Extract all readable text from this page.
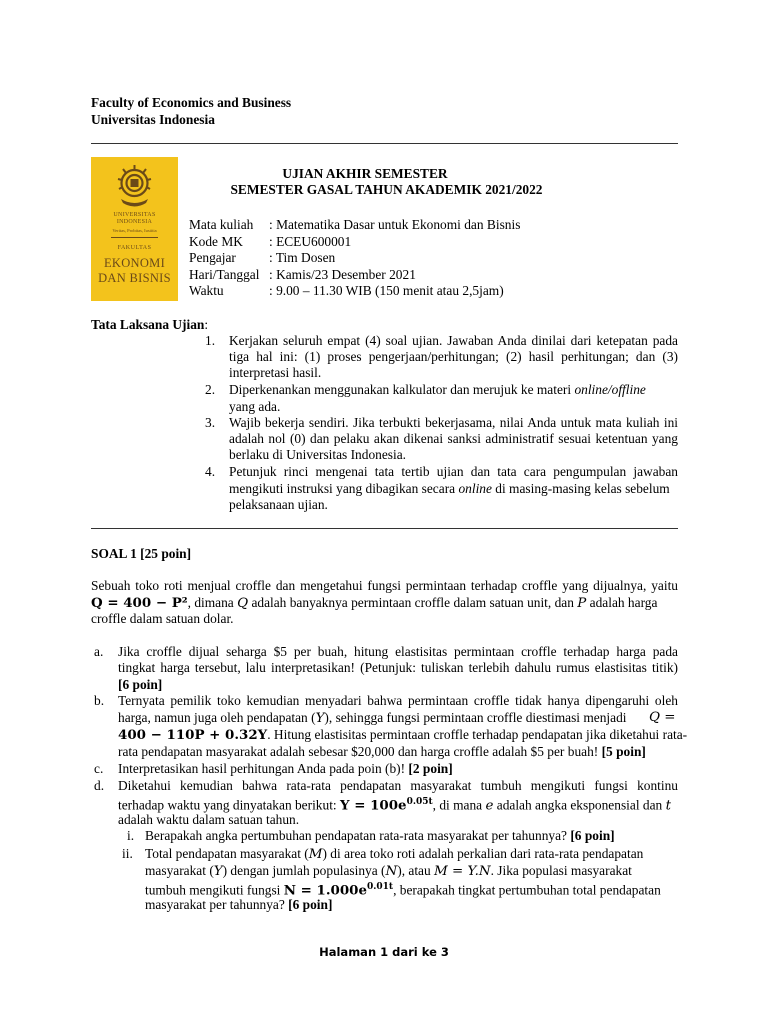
Faculty of Economics and Business
Universitas Indonesia
UNIVERSITAS
INDONESIA
Veritas, Probitas, Iustitia
FAKULTAS
EKONOMI
DAN BISNIS
UJIAN AKHIR SEMESTER
SEMESTER GASAL TAHUN AKADEMIK 2021/2022
Mata kuliah : Matematika Dasar untuk Ekonomi dan Bisnis
Kode MK : ECEU600001
Pengajar : Tim Dosen
Hari/Tanggal : Kamis/23 Desember 2021
Waktu	: 9.00 – 11.30 WIB (150 menit atau 2,5jam)
Tata Laksana Ujian:
1. Kerjakan seluruh empat (4) soal ujian. Jawaban Anda dinilai dari ketepatan pada
tiga hal ini: (1) proses pengerjaan/perhitungan; (2) hasil perhitungan; dan (3)
interpretasi hasil.
2. Diperkenankan menggunakan kalkulator dan merujuk ke materi online/offline
yang ada.
3. Wajib bekerja sendiri. Jika terbukti bekerjasama, nilai Anda untuk mata kuliah ini
adalah nol (0) dan pelaku akan dikenai sanksi administratif sesuai ketentuan yang
berlaku di Universitas Indonesia.
4. Petunjuk rinci mengenai tata tertib ujian dan tata cara pengumpulan jawaban
mengikuti instruksi yang dibagikan secara online di masing-masing kelas sebelum
pelaksanaan ujian.
SOAL 1 [25 poin]
Sebuah toko roti menjual croffle dan mengetahui fungsi permintaan terhadap croffle yang dijualnya, yaitu
Q = 400 − P², dimana Q adalah banyaknya permintaan croffle dalam satuan unit, dan P adalah harga
croffle dalam satuan dolar.
a. Jika croffle dijual seharga $5 per buah, hitung elastisitas permintaan croffle terhadap harga pada
tingkat harga tersebut, lalu interpretasikan! (Petunjuk: tuliskan terlebih dahulu rumus elastisitas titik)
[6 poin]
b. Ternyata pemilik toko kemudian menyadari bahwa permintaan croffle tidak hanya dipengaruhi oleh
harga, namun juga oleh pendapatan (Y), sehingga fungsi permintaan croffle diestimasi menjadi Q =
400 − 110P + 0.32Y. Hitung elastisitas permintaan croffle terhadap pendapatan jika diketahui rata-
rata pendapatan masyarakat adalah sebesar $20,000 dan harga croffle adalah $5 per buah! [5 poin]
c. Interpretasikan hasil perhitungan Anda pada poin (b)! [2 poin]
d. Diketahui kemudian bahwa rata-rata pendapatan masyarakat tumbuh mengikuti fungsi kontinu
terhadap waktu yang dinyatakan berikut: $Y = 100e^{0.05t}$, di mana e adalah angka eksponensial dan t
adalah waktu dalam satuan tahun.
i. Berapakah angka pertumbuhan pendapatan rata-rata masyarakat per tahunnya? [6 poin]
ii. Total pendapatan masyarakat (M) di area toko roti adalah perkalian dari rata-rata pendapatan
masyarakat (Y) dengan jumlah populasinya (N), atau M = Y.N. Jika populasi masyarakat
tumbuh mengikuti fungsi $N = 1.000e^{0.01t}$, berapakah tingkat pertumbuhan total pendapatan
masyarakat per tahunnya? [6 poin]
Halaman 1 dari ke 3
